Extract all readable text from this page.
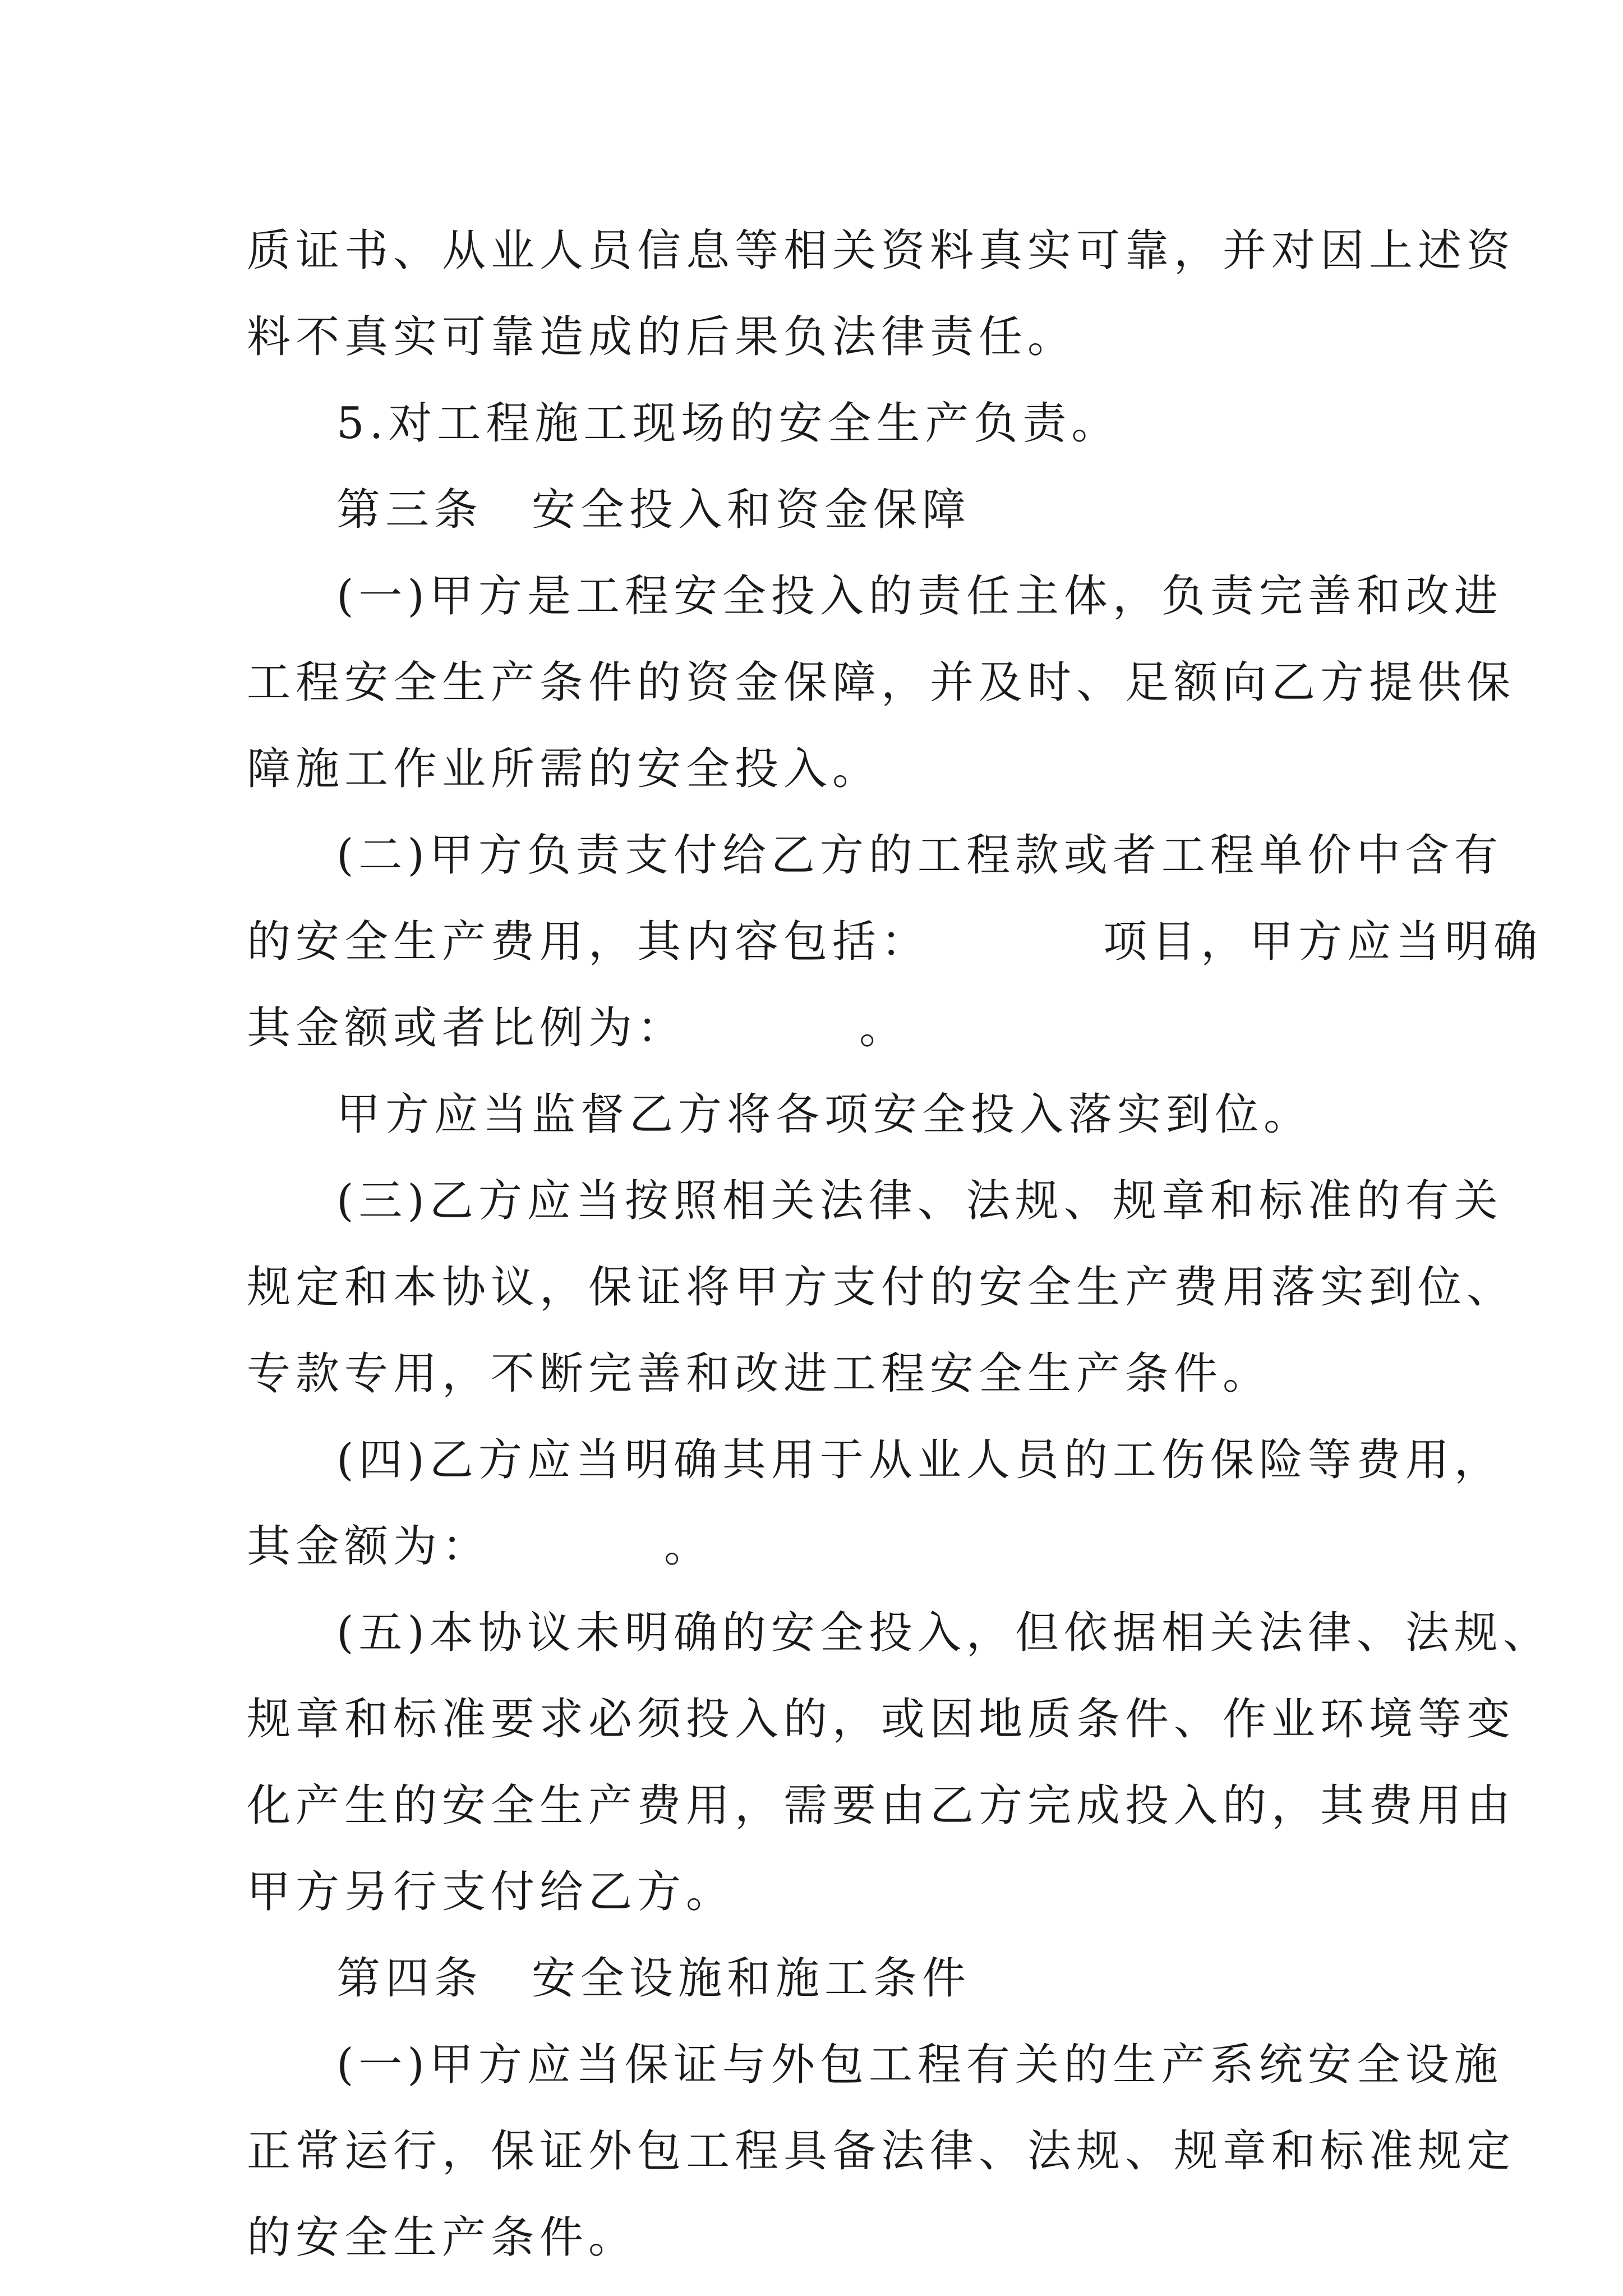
质证书、从业人员信息等相关资料真实可靠，并对因上述资
料不真实可靠造成的后果负法律责任。
5.对工程施工现场的安全生产负责。
第三条　安全投入和资金保障
(一)甲方是工程安全投入的责任主体，负责完善和改进
工程安全生产条件的资金保障，并及时、足额向乙方提供保
障施工作业所需的安全投入。
(二)甲方负责支付给乙方的工程款或者工程单价中含有
的安全生产费用，其内容包括：　　　　项目，甲方应当明确
其金额或者比例为：　　　　。
甲方应当监督乙方将各项安全投入落实到位。
(三)乙方应当按照相关法律、法规、规章和标准的有关
规定和本协议，保证将甲方支付的安全生产费用落实到位、
专款专用，不断完善和改进工程安全生产条件。
(四)乙方应当明确其用于从业人员的工伤保险等费用，
其金额为：　　　　。
(五)本协议未明确的安全投入，但依据相关法律、法规、
规章和标准要求必须投入的，或因地质条件、作业环境等变
化产生的安全生产费用，需要由乙方完成投入的，其费用由
甲方另行支付给乙方。
第四条　安全设施和施工条件
(一)甲方应当保证与外包工程有关的生产系统安全设施
正常运行，保证外包工程具备法律、法规、规章和标准规定
的安全生产条件。
